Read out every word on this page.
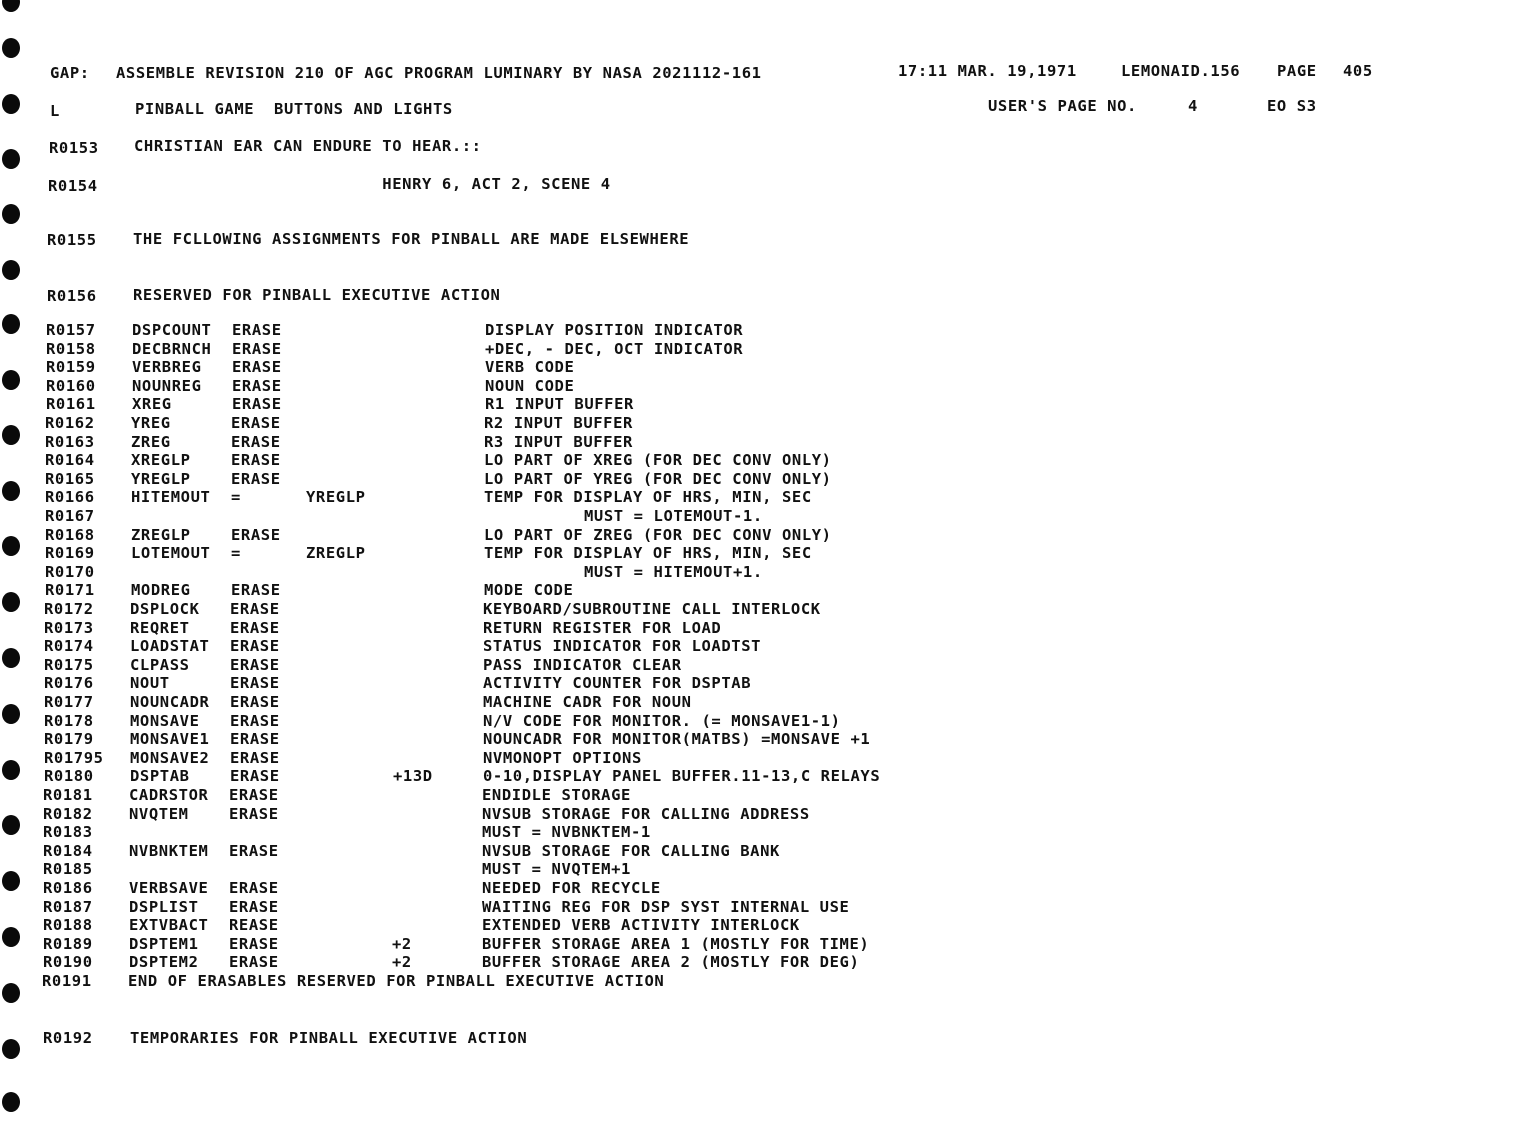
GAP: ASSEMBLE REVISION 210 OF AGC PROGRAM LUMINARY BY NASA 2021112-161	17:11 MAR. 19,1971	LEMONAID.156 PAGE 405
L	PINBALL GAME  BUTTONS AND LIGHTS	USER'S PAGE NO.	4	EO S3
R0153 CHRISTIAN EAR CAN ENDURE TO HEAR.::
R0154 HENRY 6, ACT 2, SCENE 4
R0155 THE FCLLOWING ASSIGNMENTS FOR PINBALL ARE MADE ELSEWHERE
R0156 RESERVED FOR PINBALL EXECUTIVE ACTION
R0157 DSPCOUNT ERASE	DISPLAY POSITION INDICATOR
R0158 DECBRNCH ERASE	+DEC, - DEC, OCT INDICATOR
R0159 VERBREG ERASE	VERB CODE
R0160 NOUNREG ERASE	NOUN CODE
R0161 XREG	ERASE	R1 INPUT BUFFER
R0162 YREG	ERASE	R2 INPUT BUFFER
R0163 ZREG	ERASE	R3 INPUT BUFFER
R0164 XREGLP	ERASE	LO PART OF XREG (FOR DEC CONV ONLY)
R0165 YREGLP	ERASE	LO PART OF YREG (FOR DEC CONV ONLY)
R0166 HITEMOUT =	YREGLP	TEMP FOR DISPLAY OF HRS, MIN, SEC
R0167	MUST = LOTEMOUT-1.
R0168 ZREGLP	ERASE	LO PART OF ZREG (FOR DEC CONV ONLY)
R0169 LOTEMOUT =	ZREGLP	TEMP FOR DISPLAY OF HRS, MIN, SEC
R0170	MUST = HITEMOUT+1.
R0171 MODREG	ERASE	MODE CODE
R0172 DSPLOCK ERASE	KEYBOARD/SUBROUTINE CALL INTERLOCK
R0173 REQRET	ERASE	RETURN REGISTER FOR LOAD
R0174 LOADSTAT ERASE	STATUS INDICATOR FOR LOADTST
R0175 CLPASS	ERASE	PASS INDICATOR CLEAR
R0176 NOUT	ERASE	ACTIVITY COUNTER FOR DSPTAB
R0177 NOUNCADR ERASE	MACHINE CADR FOR NOUN
R0178 MONSAVE ERASE	N/V CODE FOR MONITOR. (= MONSAVE1-1)
R0179 MONSAVE1 ERASE	NOUNCADR FOR MONITOR(MATBS) =MONSAVE +1
R01795 MONSAVE2 ERASE	NVMONOPT OPTIONS
R0180 DSPTAB	ERASE	+13D	0-10,DISPLAY PANEL BUFFER.11-13,C RELAYS
R0181 CADRSTOR ERASE	ENDIDLE STORAGE
R0182 NVQTEM	ERASE	NVSUB STORAGE FOR CALLING ADDRESS
R0183	MUST = NVBNKTEM-1
R0184 NVBNKTEM ERASE	NVSUB STORAGE FOR CALLING BANK
R0185	MUST = NVQTEM+1
R0186 VERBSAVE ERASE	NEEDED FOR RECYCLE
R0187 DSPLIST ERASE	WAITING REG FOR DSP SYST INTERNAL USE
R0188 EXTVBACT REASE	EXTENDED VERB ACTIVITY INTERLOCK
R0189 DSPTEM1 ERASE	+2	BUFFER STORAGE AREA 1 (MOSTLY FOR TIME)
R0190 DSPTEM2 ERASE	+2	BUFFER STORAGE AREA 2 (MOSTLY FOR DEG)
R0191 END OF ERASABLES RESERVED FOR PINBALL EXECUTIVE ACTION
R0192 TEMPORARIES FOR PINBALL EXECUTIVE ACTION
